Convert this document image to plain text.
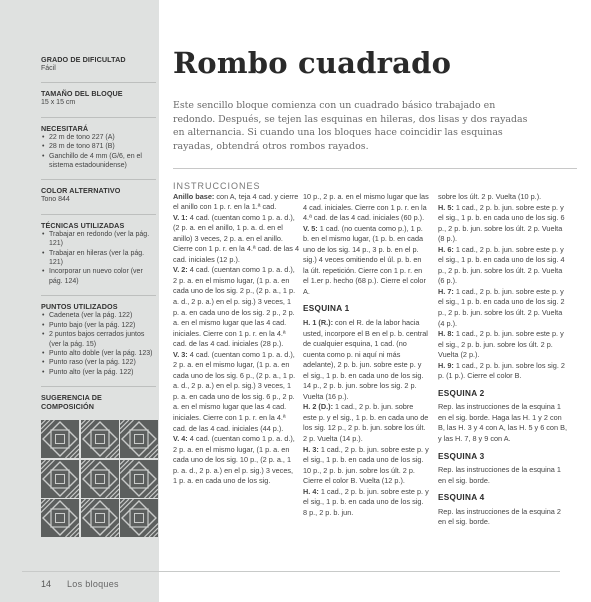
GRADO DE DIFICULTAD

Fácil

TAMAÑO DEL BLOQUE

15 x 15 cm

NECESITARÁ

• 22 m de tono 227 (A)

• 28 m de tono 871 (B)

• Ganchillo de 4 mm (G/6, en el sistema estadounidense)

COLOR ALTERNATIVO

Tono 844

TÉCNICAS UTILIZADAS

• Trabajar en redondo (ver la pág. 121)

• Trabajar en hileras (ver la pág. 121)

• Incorporar un nuevo color (ver pág. 124)

PUNTOS UTILIZADOS

• Cadeneta (ver la pág. 122)

• Punto bajo (ver la pág. 122)

• 2 puntos bajos cerrados juntos (ver la pág. 15)

• Punto alto doble (ver la pág. 123)

• Punto raso (ver la pág. 122)

• Punto alto (ver la pág. 122)

SUGERENCIA DE COMPOSICIÓN

Rombo cuadrado

Este sencillo bloque comienza con un cuadrado básico trabajado en redondo. Después, se tejen las esquinas en hileras, dos lisas y dos rayadas en alternancia. Si cuando una los bloques hace coincidir las esquinas rayadas, obtendrá otros rombos rayados.

INSTRUCCIONES

Anillo base: con A, teja 4 cad. y cierre el anillo con 1 p. r. en la 1.ª cad.

V. 1: 4 cad. (cuentan como 1 p. a. d.), (2 p. a. en el anillo, 1 p. a. d. en el anillo) 3 veces, 2 p. a. en el anillo. Cierre con 1 p. r. en la 4.ª cad. de las 4 cad. iniciales (12 p.).

V. 2: 4 cad. (cuentan como 1 p. a. d.), 2 p. a. en el mismo lugar, (1 p. a. en cada uno de los sig. 2 p., (2 p. a., 1 p. a. d., 2 p. a.) en el p. sig.) 3 veces, 1 p. a. en cada uno de los sig. 2 p., 2 p. a. en el mismo lugar que las 4 cad. iniciales. Cierre con 1 p. r. en la 4.ª cad. de las 4 cad. iniciales (28 p.).

V. 3: 4 cad. (cuentan como 1 p. a. d.), 2 p. a. en el mismo lugar, (1 p. a. en cada uno de los sig. 6 p., (2 p. a., 1 p. a. d., 2 p. a.) en el p. sig.) 3 veces, 1 p. a. en cada uno de los sig. 6 p., 2 p. a. en el mismo lugar que las 4 cad. iniciales. Cierre con 1 p. r. en la 4.ª cad. de las 4 cad. iniciales (44 p.).

V. 4: 4 cad. (cuentan como 1 p. a. d.), 2 p. a. en el mismo lugar, (1 p. a. en cada uno de los sig. 10 p., (2 p. a., 1 p. a. d., 2 p. a.) en el p. sig.) 3 veces, 1 p. a. en cada uno de los sig.

10 p., 2 p. a. en el mismo lugar que las 4 cad. iniciales. Cierre con 1 p. r. en la 4.ª cad. de las 4 cad. iniciales (60 p.).

V. 5: 1 cad. (no cuenta como p.), 1 p. b. en el mismo lugar, (1 p. b. en cada uno de los sig. 14 p., 3 p. b. en el p. sig.) 4 veces omitiendo el úl. p. b. en la últ. repetición. Cierre con 1 p. r. en el 1.er p. hecho (68 p.). Cierre el color A.

ESQUINA 1

H. 1 (R.): con el R. de la labor hacia usted, incorpore el B en el p. b. central de cualquier esquina, 1 cad. (no cuenta como p. ni aquí ni más adelante), 2 p. b. jun. sobre este p. y el sig., 1 p. b. en cada uno de los sig. 14 p., 2 p. b. jun. sobre los sig. 2 p. Vuelta (16 p.).

H. 2 (D.): 1 cad., 2 p. b. jun. sobre este p. y el sig., 1 p. b. en cada uno de los sig. 12 p., 2 p. b. jun. sobre los últ. 2 p. Vuelta (14 p.).

H. 3: 1 cad., 2 p. b. jun. sobre este p. y el sig., 1 p. b. en cada uno de los sig. 10 p., 2 p. b. jun. sobre los últ. 2 p. Cierre el color B. Vuelta (12 p.).

H. 4: 1 cad., 2 p. b. jun. sobre este p. y el sig., 1 p. b. en cada uno de los sig. 8 p., 2 p. b. jun.

sobre los últ. 2 p. Vuelta (10 p.).

H. 5: 1 cad., 2 p. b. jun. sobre este p. y el sig., 1 p. b. en cada uno de los sig. 6 p., 2 p. b. jun. sobre los últ. 2 p. Vuelta (8 p.).

H. 6: 1 cad., 2 p. b. jun. sobre este p. y el sig., 1 p. b. en cada uno de los sig. 4 p., 2 p. b. jun. sobre los últ. 2 p. Vuelta (6 p.).

H. 7: 1 cad., 2 p. b. jun. sobre este p. y el sig., 1 p. b. en cada uno de los sig. 2 p., 2 p. b. jun. sobre los últ. 2 p. Vuelta (4 p.).

H. 8: 1 cad., 2 p. b. jun. sobre este p. y el sig., 2 p. b. jun. sobre los últ. 2 p. Vuelta (2 p.).

H. 9: 1 cad., 2 p. b. jun. sobre los sig. 2 p. (1 p.). Cierre el color B.

ESQUINA 2

Rep. las instrucciones de la esquina 1 en el sig. borde. Haga las H. 1 y 2 con B, las H. 3 y 4 con A, las H. 5 y 6 con B, y las H. 7, 8 y 9 con A.

ESQUINA 3

Rep. las instrucciones de la esquina 1 en el sig. borde.

ESQUINA 4

Rep. las instrucciones de la esquina 2 en el sig. borde.

14 Los bloques
